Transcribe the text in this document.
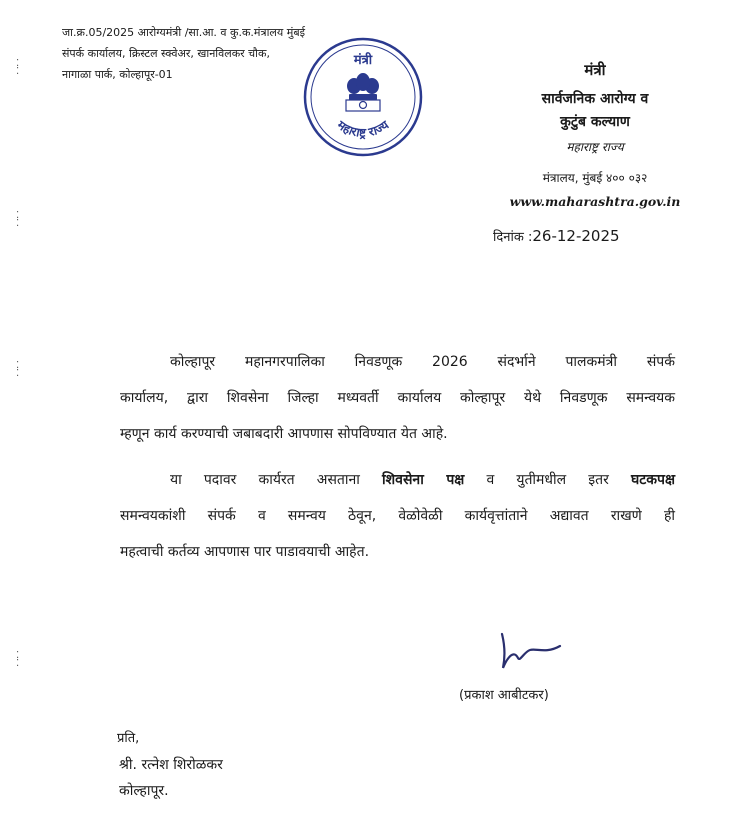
⁚
⁚
⁚
⁚
⁚
⁚
⁚
⁚
जा.क्र.05/2025 आरोग्यमंत्री /सा.आ. व कु.क.मंत्रालय मुंबई
संपर्क कार्यालय, क्रिस्टल स्क्वेअर, खानविलकर चौक,
नागाळा पार्क, कोल्हापूर-01
मंत्री
महाराष्ट्र राज्य
मंत्री
सार्वजनिक आरोग्य व
कुटुंब कल्याण
महाराष्ट्र राज्य
मंत्रालय, मुंबई ४०० ०३२
www.maharashtra.gov.in
दिनांक :26-12-2025
कोल्हापूर महानगरपालिका निवडणूक 2026 संदर्भाने पालकमंत्री संपर्क
कार्यालय, द्वारा शिवसेना जिल्हा मध्यवर्ती कार्यालय कोल्हापूर येथे निवडणूक समन्वयक
म्हणून कार्य करण्याची जबाबदारी आपणास सोपविण्यात येत आहे.
या पदावर कार्यरत असताना शिवसेना पक्ष व युतीमधील इतर घटकपक्ष
समन्वयकांशी संपर्क व समन्वय ठेवून, वेळोवेळी कार्यवृत्तांताने अद्यावत राखणे ही
महत्वाची कर्तव्य आपणास पार पाडावयाची आहेत.
(प्रकाश आबीटकर)
प्रति,
श्री. रत्नेश शिरोळकर
कोल्हापूर.
